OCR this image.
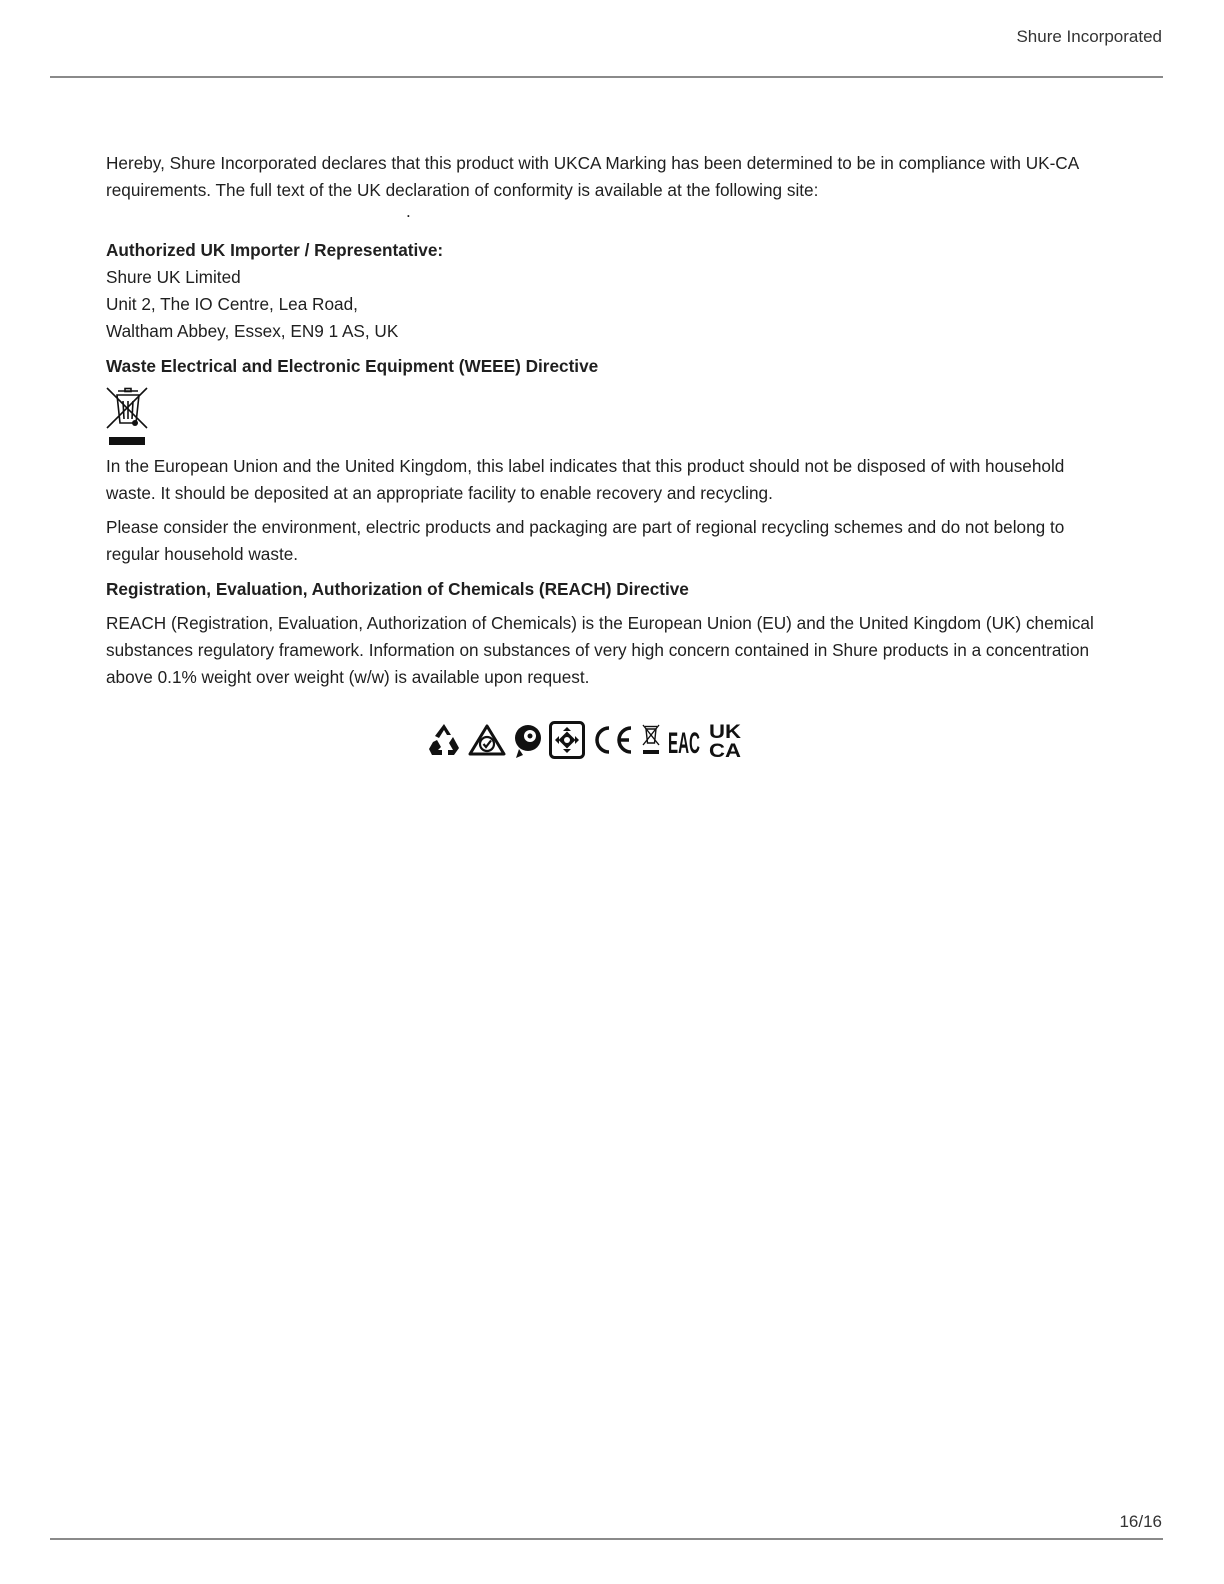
Shure Incorporated

Hereby, Shure Incorporated declares that this product with UKCA Marking has been determined to be in compliance with UK-CA requirements. The full text of the UK declaration of conformity is available at the following site:

.

Authorized UK Importer / Representative:

Shure UK Limited

Unit 2, The IO Centre, Lea Road,

Waltham Abbey, Essex, EN9 1 AS, UK

Waste Electrical and Electronic Equipment (WEEE) Directive

In the European Union and the United Kingdom, this label indicates that this product should not be disposed of with household waste. It should be deposited at an appropriate facility to enable recovery and recycling.

Please consider the environment, electric products and packaging are part of regional recycling schemes and do not belong to regular household waste.

Registration, Evaluation, Authorization of Chemicals (REACH) Directive

REACH (Registration, Evaluation, Authorization of Chemicals) is the European Union (EU) and the United Kingdom (UK) chemical substances regulatory framework. Information on substances of very high concern contained in Shure products in a concentration above 0.1% weight over weight (w/w) is available upon request.

EAC UK
CA
16/16
